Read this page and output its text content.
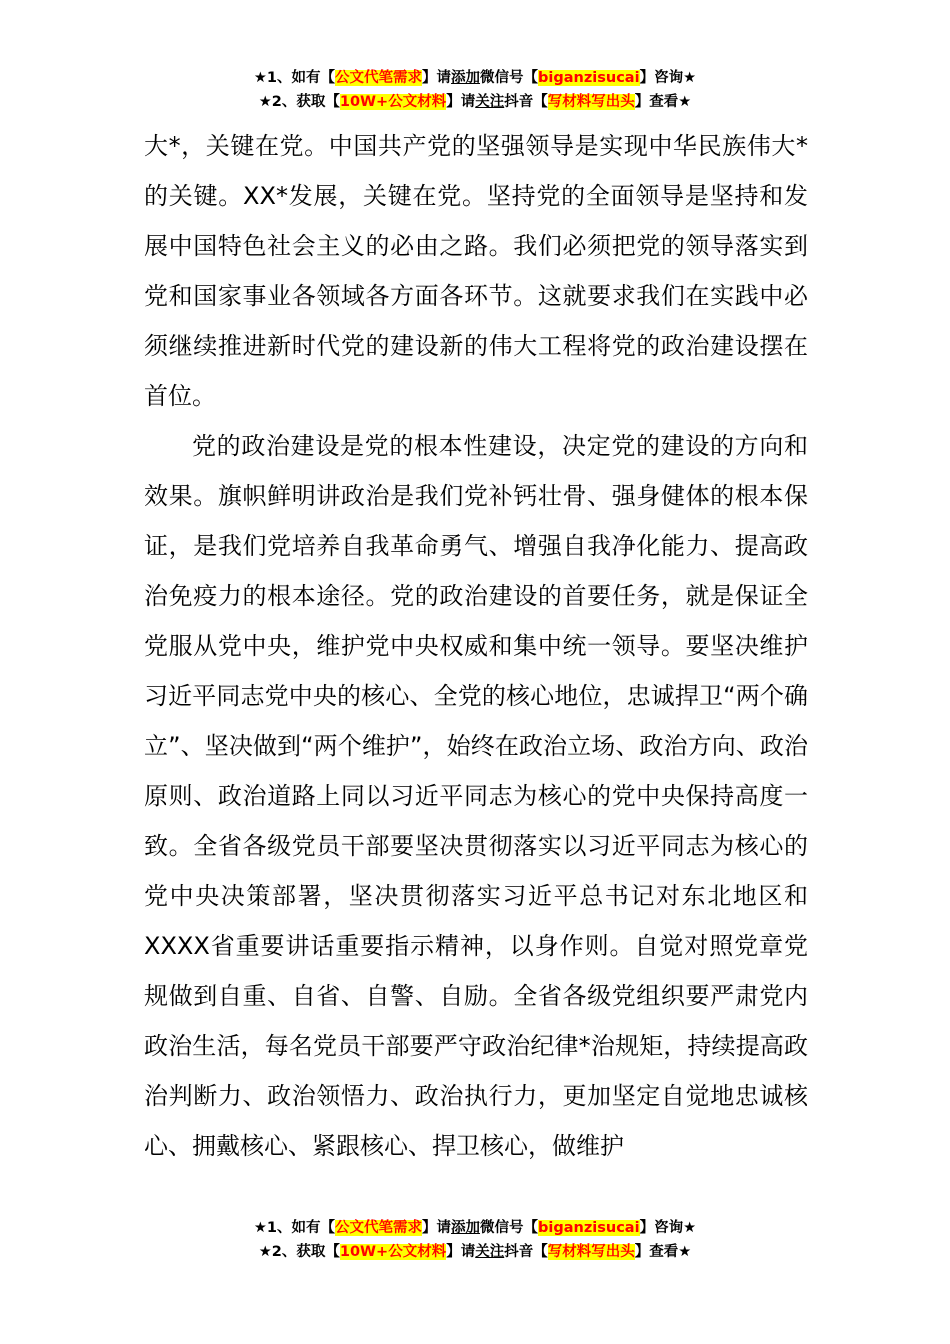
★1、如有【公文代笔需求】请添加微信号【biganzisucai】咨询★
★2、获取【10W+公文材料】请关注抖音【写材料写出头】查看★

大*，关键在党。中国共产党的坚强领导是实现中华民族伟大*的关键。XX*发展，关键在党。坚持党的全面领导是坚持和发展中国特色社会主义的必由之路。我们必须把党的领导落实到党和国家事业各领域各方面各环节。这就要求我们在实践中必须继续推进新时代党的建设新的伟大工程将党的政治建设摆在首位。

党的政治建设是党的根本性建设，决定党的建设的方向和效果。旗帜鲜明讲政治是我们党补钙壮骨、强身健体的根本保证，是我们党培养自我革命勇气、增强自我净化能力、提高政治免疫力的根本途径。党的政治建设的首要任务，就是保证全党服从党中央，维护党中央权威和集中统一领导。要坚决维护习近平同志党中央的核心、全党的核心地位，忠诚捍卫“两个确立”、坚决做到“两个维护”，始终在政治立场、政治方向、政治原则、政治道路上同以习近平同志为核心的党中央保持高度一致。全省各级党员干部要坚决贯彻落实以习近平同志为核心的党中央决策部署，坚决贯彻落实习近平总书记对东北地区和XXXX省重要讲话重要指示精神，以身作则。自觉对照党章党规做到自重、自省、自警、自励。全省各级党组织要严肃党内政治生活，每名党员干部要严守政治纪律*治规矩，持续提高政治判断力、政治领悟力、政治执行力，更加坚定自觉地忠诚核心、拥戴核心、紧跟核心、捍卫核心，做维护

★1、如有【公文代笔需求】请添加微信号【biganzisucai】咨询★
★2、获取【10W+公文材料】请关注抖音【写材料写出头】查看★
